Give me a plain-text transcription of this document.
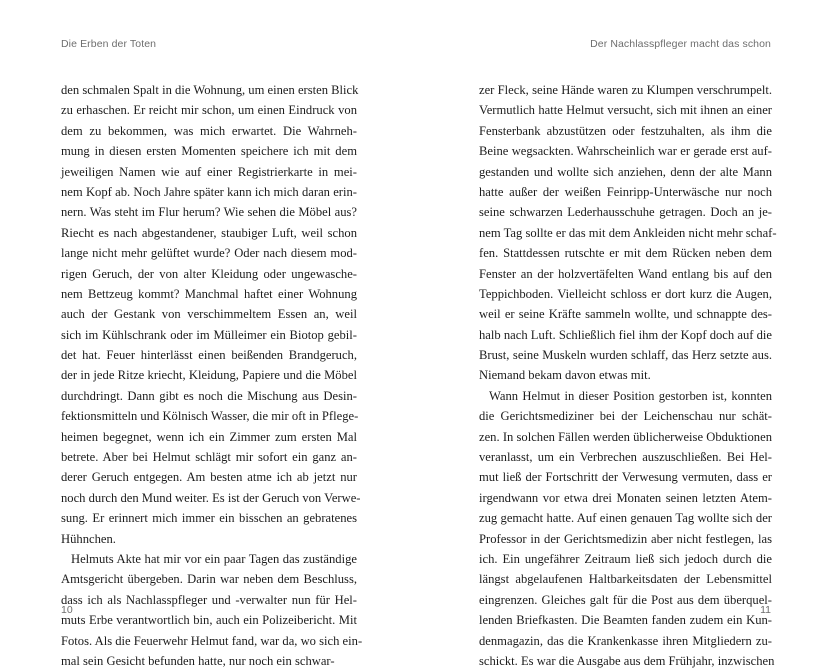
Die Erben der Toten	Der Nachlasspfleger macht das schon
den schmalen Spalt in die Wohnung, um einen ersten Blick
zu erhaschen. Er reicht mir schon, um einen Eindruck von
dem zu bekommen, was mich erwartet. Die Wahrneh-
mung in diesen ersten Momenten speichere ich mit dem
jeweiligen Namen wie auf einer Registrierkarte in mei-
nem Kopf ab. Noch Jahre später kann ich mich daran erin-
nern. Was steht im Flur herum? Wie sehen die Möbel aus?
Riecht es nach abgestandener, staubiger Luft, weil schon
lange nicht mehr gelüftet wurde? Oder nach diesem mod-
rigen Geruch, der von alter Kleidung oder ungewasche-
nem Bettzeug kommt? Manchmal haftet einer Wohnung
auch der Gestank von verschimmeltem Essen an, weil
sich im Kühlschrank oder im Mülleimer ein Biotop gebil-
det hat. Feuer hinterlässt einen beißenden Brandgeruch,
der in jede Ritze kriecht, Kleidung, Papiere und die Möbel
durchdringt. Dann gibt es noch die Mischung aus Desin-
fektionsmitteln und Kölnisch Wasser, die mir oft in Pflege-
heimen begegnet, wenn ich ein Zimmer zum ersten Mal
betrete. Aber bei Helmut schlägt mir sofort ein ganz an-
derer Geruch entgegen. Am besten atme ich ab jetzt nur
noch durch den Mund weiter. Es ist der Geruch von Verwe-
sung. Er erinnert mich immer ein bisschen an gebratenes
Hühnchen.
Helmuts Akte hat mir vor ein paar Tagen das zuständige
Amtsgericht übergeben. Darin war neben dem Beschluss,
dass ich als Nachlasspfleger und -verwalter nun für Hel-
muts Erbe verantwortlich bin, auch ein Polizeibericht. Mit
Fotos. Als die Feuerwehr Helmut fand, war da, wo sich ein-
mal sein Gesicht befunden hatte, nur noch ein schwar-
zer Fleck, seine Hände waren zu Klumpen verschrumpelt.
Vermutlich hatte Helmut versucht, sich mit ihnen an einer
Fensterbank abzustützen oder festzuhalten, als ihm die
Beine wegsackten. Wahrscheinlich war er gerade erst auf-
gestanden und wollte sich anziehen, denn der alte Mann
hatte außer der weißen Feinripp-Unterwäsche nur noch
seine schwarzen Lederhausschuhe getragen. Doch an je-
nem Tag sollte er das mit dem Ankleiden nicht mehr schaf-
fen. Stattdessen rutschte er mit dem Rücken neben dem
Fenster an der holzvertäfelten Wand entlang bis auf den
Teppichboden. Vielleicht schloss er dort kurz die Augen,
weil er seine Kräfte sammeln wollte, und schnappte des-
halb nach Luft. Schließlich fiel ihm der Kopf doch auf die
Brust, seine Muskeln wurden schlaff, das Herz setzte aus.
Niemand bekam davon etwas mit.
Wann Helmut in dieser Position gestorben ist, konnten
die Gerichtsmediziner bei der Leichenschau nur schät-
zen. In solchen Fällen werden üblicherweise Obduktionen
veranlasst, um ein Verbrechen auszuschließen. Bei Hel-
mut ließ der Fortschritt der Verwesung vermuten, dass er
irgendwann vor etwa drei Monaten seinen letzten Atem-
zug gemacht hatte. Auf einen genauen Tag wollte sich der
Professor in der Gerichtsmedizin aber nicht festlegen, las
ich. Ein ungefährer Zeitraum ließ sich jedoch durch die
längst abgelaufenen Haltbarkeitsdaten der Lebensmittel
eingrenzen. Gleiches galt für die Post aus dem überquel-
lenden Briefkasten. Die Beamten fanden zudem ein Kun-
denmagazin, das die Krankenkasse ihren Mitgliedern zu-
schickt. Es war die Ausgabe aus dem Frühjahr, inzwischen
10	11
